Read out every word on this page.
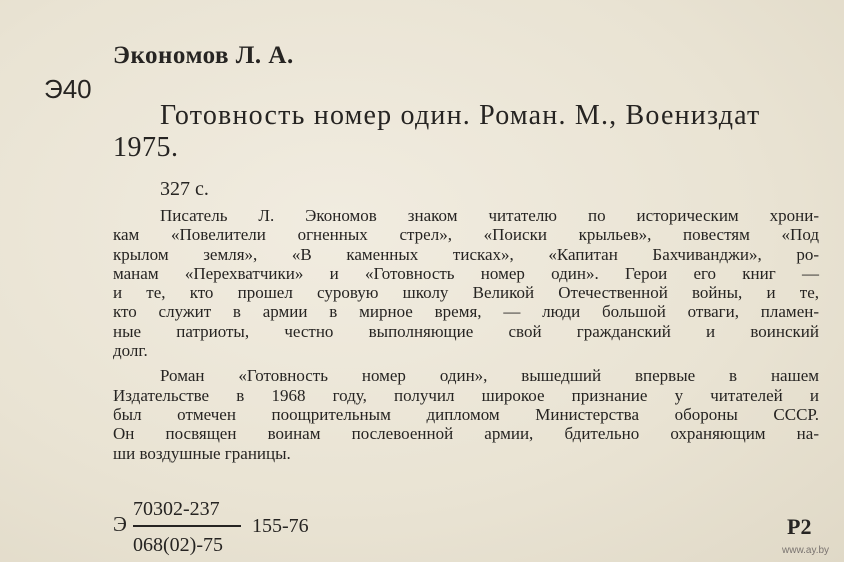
Экономов Л. А.
Э40
Готовность номер один. Роман. М., Воениздат
1975.
327 с.
Писатель Л. Экономов знаком читателю по историческим хрони-
кам «Повелители огненных стрел», «Поиски крыльев», повестям «Под
крылом земля», «В каменных тисках», «Капитан Бахчиванджи», ро-
манам «Перехватчики» и «Готовность номер один». Герои его книг —
и те, кто прошел суровую школу Великой Отечественной войны, и те,
кто служит в армии в мирное время, — люди большой отваги, пламен-
ные патриоты, честно выполняющие свой гражданский и воинский
долг.
Роман «Готовность номер один», вышедший впервые в нашем
Издательстве в 1968 году, получил широкое признание у читателей и
был отмечен поощрительным дипломом Министерства обороны СССР.
Он посвящен воинам послевоенной армии, бдительно охраняющим на-
ши воздушные границы.
Э
70302-237
068(02)-75
155-76	Р2
www.ay.by
